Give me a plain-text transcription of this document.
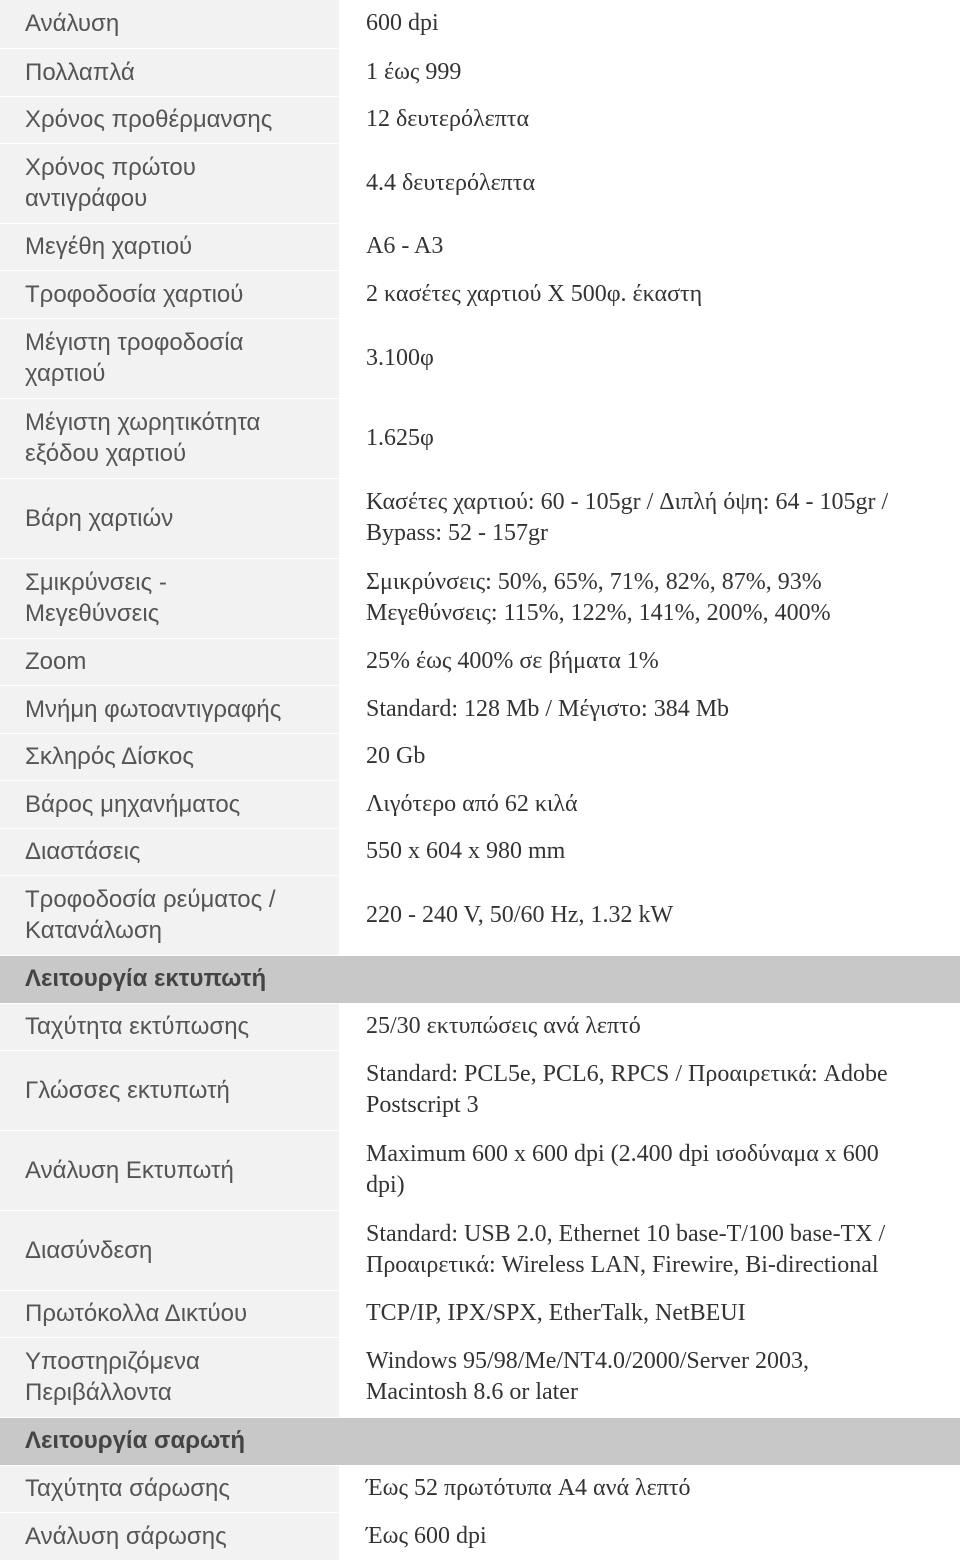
Ανάλυση	600 dpi

Πολλαπλά	1 έως 999

Χρόνος προθέρμανσης	12 δευτερόλεπτα

Χρόνος πρώτου
αντιγράφου	4.4 δευτερόλεπτα

Μεγέθη χαρτιού	A6 - A3

Τροφοδοσία χαρτιού	2 κασέτες χαρτιού Χ 500φ. έκαστη

Μέγιστη τροφοδοσία
χαρτιού	3.100φ

Μέγιστη χωρητικότητα
εξόδου χαρτιού	1.625φ

Βάρη χαρτιών	Κασέτες χαρτιού: 60 - 105gr / Διπλή όψη: 64 - 105gr /
Bypass: 52 - 157gr

Σμικρύνσεις -
Μεγεθύνσεις	Σμικρύνσεις: 50%, 65%, 71%, 82%, 87%, 93%
Μεγεθύνσεις: 115%, 122%, 141%, 200%, 400%

Zoom	25% έως 400% σε βήματα 1%

Μνήμη φωτοαντιγραφής	Standard: 128 Mb / Μέγιστο: 384 Mb

Σκληρός Δίσκος	20 Gb

Βάρος μηχανήματος	Λιγότερο από 62 κιλά

Διαστάσεις	550 x 604 x 980 mm

Τροφοδοσία ρεύματος /
Κατανάλωση	220 - 240 V, 50/60 Hz, 1.32 kW

Λειτουργία εκτυπωτή	

Ταχύτητα εκτύπωσης	25/30 εκτυπώσεις ανά λεπτό

Γλώσσες εκτυπωτή	Standard: PCL5e, PCL6, RPCS / Προαιρετικά: Adobe
Postscript 3

Ανάλυση Εκτυπωτή	Maximum 600 x 600 dpi (2.400 dpi ισοδύναμα x 600
dpi)

Διασύνδεση	Standard: USB 2.0, Ethernet 10 base-T/100 base-TX /
Προαιρετικά: Wireless LAN, Firewire, Bi-directional

Πρωτόκολλα Δικτύου	TCP/IP, IPX/SPX, EtherTalk, NetBEUI

Υποστηριζόμενα
Περιβάλλοντα	Windows 95/98/Me/NT4.0/2000/Server 2003,
Macintosh 8.6 or later

Λειτουργία σαρωτή	

Ταχύτητα σάρωσης	Έως 52 πρωτότυπα A4 ανά λεπτό

Ανάλυση σάρωσης	Έως 600 dpi
